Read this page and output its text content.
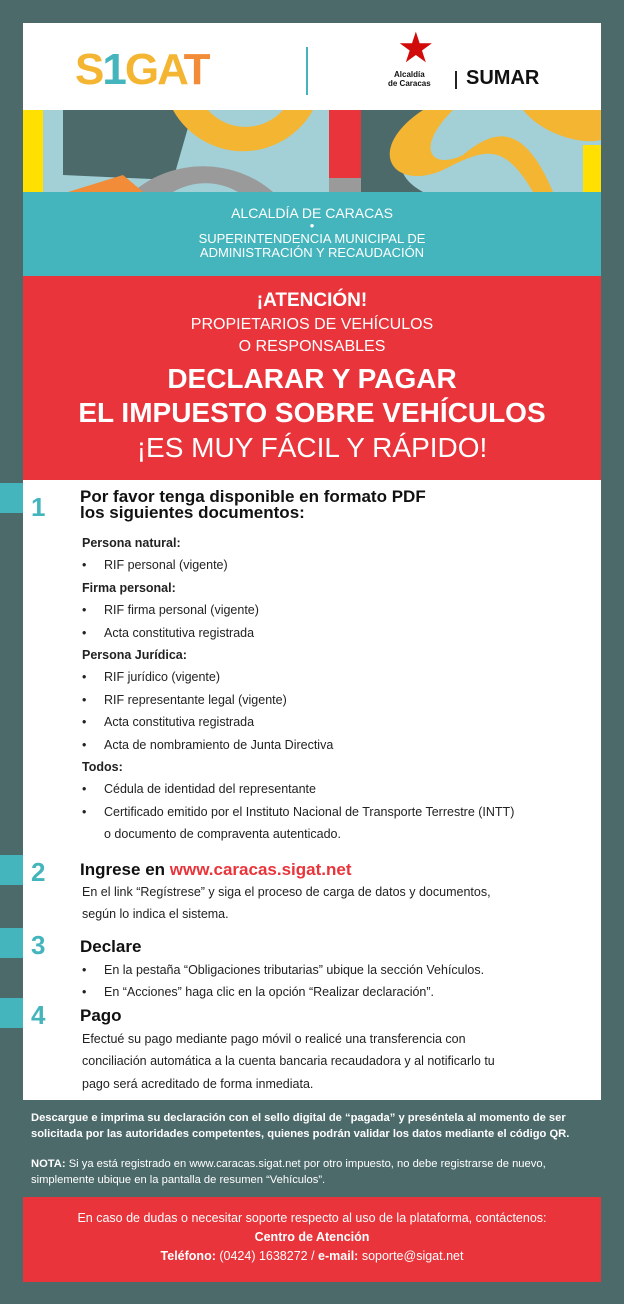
S1GAT	★
Alcaldía
de Caracas SUMAR
ALCALDÍA DE CARACAS
•
SUPERINTENDENCIA MUNICIPAL DE
ADMINISTRACIÓN Y RECAUDACIÓN
¡ATENCIÓN!
PROPIETARIOS DE VEHÍCULOS
O RESPONSABLES
DECLARAR Y PAGAR
EL IMPUESTO SOBRE VEHÍCULOS
¡ES MUY FÁCIL Y RÁPIDO!
1 Por favor tenga disponible en formato PDF
los siguientes documentos:
Persona natural:
• RIF personal (vigente)
Firma personal:
• RIF firma personal (vigente)
• Acta constitutiva registrada
Persona Jurídica:
• RIF jurídico (vigente)
• RIF representante legal (vigente)
• Acta constitutiva registrada
• Acta de nombramiento de Junta Directiva
Todos:
• Cédula de identidad del representante
• Certificado emitido por el Instituto Nacional de Transporte Terrestre (INTT)
o documento de compraventa autenticado.
2 Ingrese en www.caracas.sigat.net
En el link “Regístrese” y siga el proceso de carga de datos y documentos,
según lo indica el sistema.
3 Declare
• En la pestaña “Obligaciones tributarias” ubique la sección Vehículos.
• En “Acciones” haga clic en la opción “Realizar declaración”.
4 Pago
Efectué su pago mediante pago móvil o realicé una transferencia con
conciliación automática a la cuenta bancaria recaudadora y al notificarlo tu
pago será acreditado de forma inmediata.
Descargue e imprima su declaración con el sello digital de “pagada” y preséntela al momento de ser solicitada por las autoridades competentes, quienes podrán validar los datos mediante el código QR.
NOTA: Si ya está registrado en www.caracas.sigat.net por otro impuesto, no debe registrarse de nuevo, simplemente ubique en la pantalla de resumen “Vehículos”.
En caso de dudas o necesitar soporte respecto al uso de la plataforma, contáctenos:
Centro de Atención
Teléfono: (0424) 1638272 / e-mail: soporte@sigat.net
